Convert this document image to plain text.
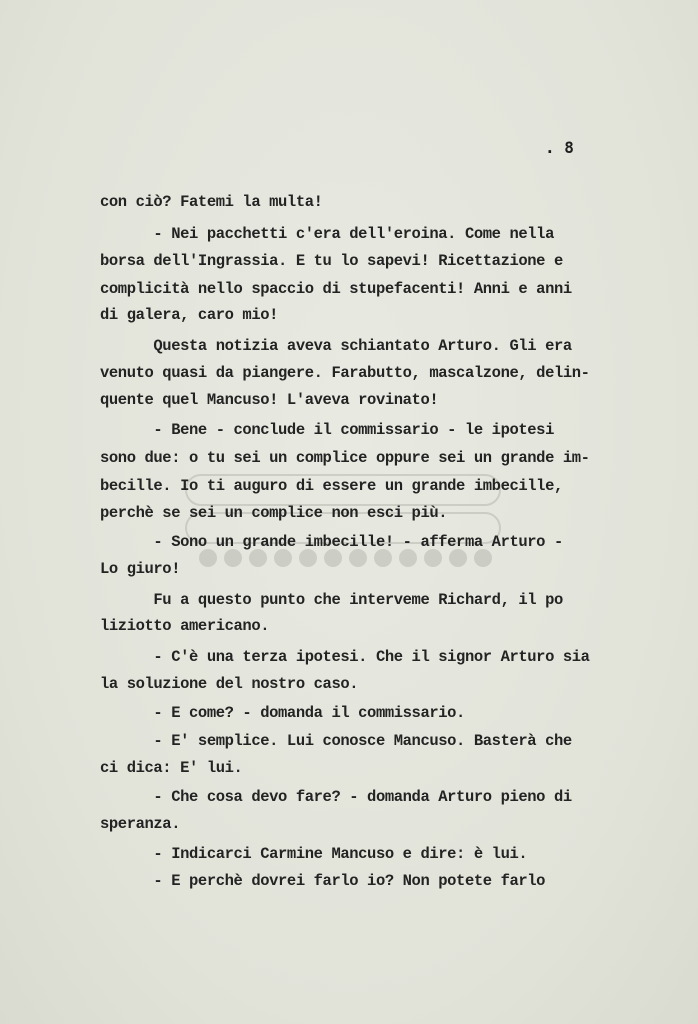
. 8
con ciò? Fatemi la multa!
- Nei pacchetti c'era dell'eroina. Come nella
borsa dell'Ingrassia. E tu lo sapevi! Ricettazione e
complicità nello spaccio di stupefacenti! Anni e anni
di galera, caro mio!
Questa notizia aveva schiantato Arturo. Gli era
venuto quasi da piangere. Farabutto, mascalzone, delin-
quente quel Mancuso! L'aveva rovinato!
- Bene - conclude il commissario - le ipotesi
sono due: o tu sei un complice oppure sei un grande im-
becille. Io ti auguro di essere un grande imbecille,
perchè se sei un complice non esci più.
- Sono un grande imbecille! - afferma Arturo -
Lo giuro!
Fu a questo punto che interveme Richard, il po
liziotto americano.
- C'è una terza ipotesi. Che il signor Arturo sia
la soluzione del nostro caso.
- E come? - domanda il commissario.
- E' semplice. Lui conosce Mancuso. Basterà che
ci dica: E' lui.
- Che cosa devo fare? - domanda Arturo pieno di
speranza.
- Indicarci Carmine Mancuso e dire: è lui.
- E perchè dovrei farlo io? Non potete farlo
